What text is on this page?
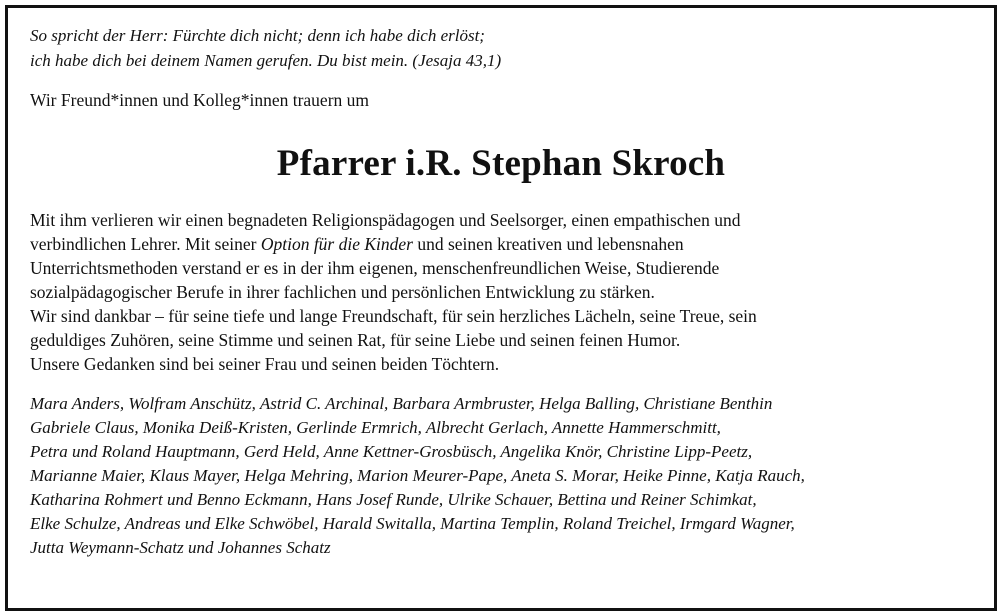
So spricht der Herr: Fürchte dich nicht; denn ich habe dich erlöst;
ich habe dich bei deinem Namen gerufen. Du bist mein. (Jesaja 43,1)
Wir Freund*innen und Kolleg*innen trauern um
Pfarrer i.R. Stephan Skroch
Mit ihm verlieren wir einen begnadeten Religionspädagogen und Seelsorger, einen empathischen und
verbindlichen Lehrer. Mit seiner Option für die Kinder und seinen kreativen und lebensnahen
Unterrichtsmethoden verstand er es in der ihm eigenen, menschenfreundlichen Weise, Studierende
sozialpädagogischer Berufe in ihrer fachlichen und persönlichen Entwicklung zu stärken.
Wir sind dankbar – für seine tiefe und lange Freundschaft, für sein herzliches Lächeln, seine Treue, sein
geduldiges Zuhören, seine Stimme und seinen Rat, für seine Liebe und seinen feinen Humor.
Unsere Gedanken sind bei seiner Frau und seinen beiden Töchtern.
Mara Anders, Wolfram Anschütz, Astrid C. Archinal, Barbara Armbruster, Helga Balling, Christiane Benthin
Gabriele Claus, Monika Deiß-Kristen, Gerlinde Ermrich, Albrecht Gerlach, Annette Hammerschmitt,
Petra und Roland Hauptmann, Gerd Held, Anne Kettner-Grosbüsch, Angelika Knör, Christine Lipp-Peetz,
Marianne Maier, Klaus Mayer, Helga Mehring, Marion Meurer-Pape, Aneta S. Morar, Heike Pinne, Katja Rauch,
Katharina Rohmert und Benno Eckmann, Hans Josef Runde, Ulrike Schauer, Bettina und Reiner Schimkat,
Elke Schulze, Andreas und Elke Schwöbel, Harald Switalla, Martina Templin, Roland Treichel, Irmgard Wagner,
Jutta Weymann-Schatz und Johannes Schatz
